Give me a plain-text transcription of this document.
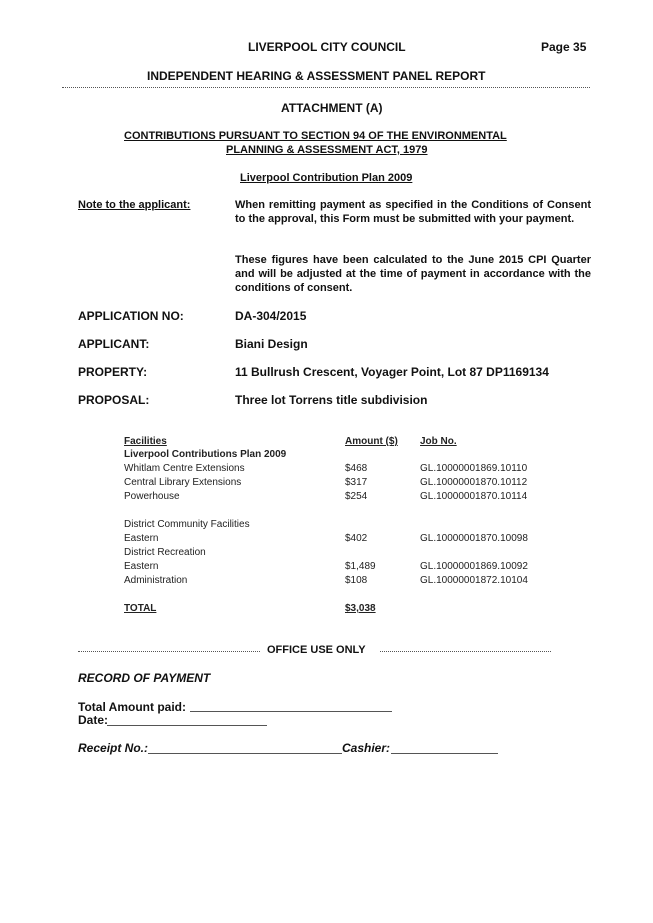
LIVERPOOL CITY COUNCIL	Page 35
INDEPENDENT HEARING & ASSESSMENT PANEL REPORT
ATTACHMENT (A)
CONTRIBUTIONS PURSUANT TO SECTION 94 OF THE ENVIRONMENTAL
PLANNING & ASSESSMENT ACT, 1979
Liverpool Contribution Plan 2009
Note to the applicant:	When remitting payment as specified in the Conditions of Consent to the approval, this Form must be submitted with your payment.
These figures have been calculated to the June 2015 CPI Quarter and will be adjusted at the time of payment in accordance with the conditions of consent.
APPLICATION NO:	DA-304/2015
APPLICANT:	Biani Design
PROPERTY:	11 Bullrush Crescent, Voyager Point, Lot 87 DP1169134
PROPOSAL:	Three lot Torrens title subdivision
Facilities	Amount ($) Job No.
Liverpool Contributions Plan 2009
Whitlam Centre Extensions	$468	GL.10000001869.10110
Central Library Extensions	$317	GL.10000001870.10112
Powerhouse	$254	GL.10000001870.10114
District Community Facilities
Eastern	$402	GL.10000001870.10098
District Recreation
Eastern	$1,489	GL.10000001869.10092
Administration	$108	GL.10000001872.10104
TOTAL	$3,038
OFFICE USE ONLY
RECORD OF PAYMENT
Total Amount paid:
Date:
Receipt No.:	Cashier:
